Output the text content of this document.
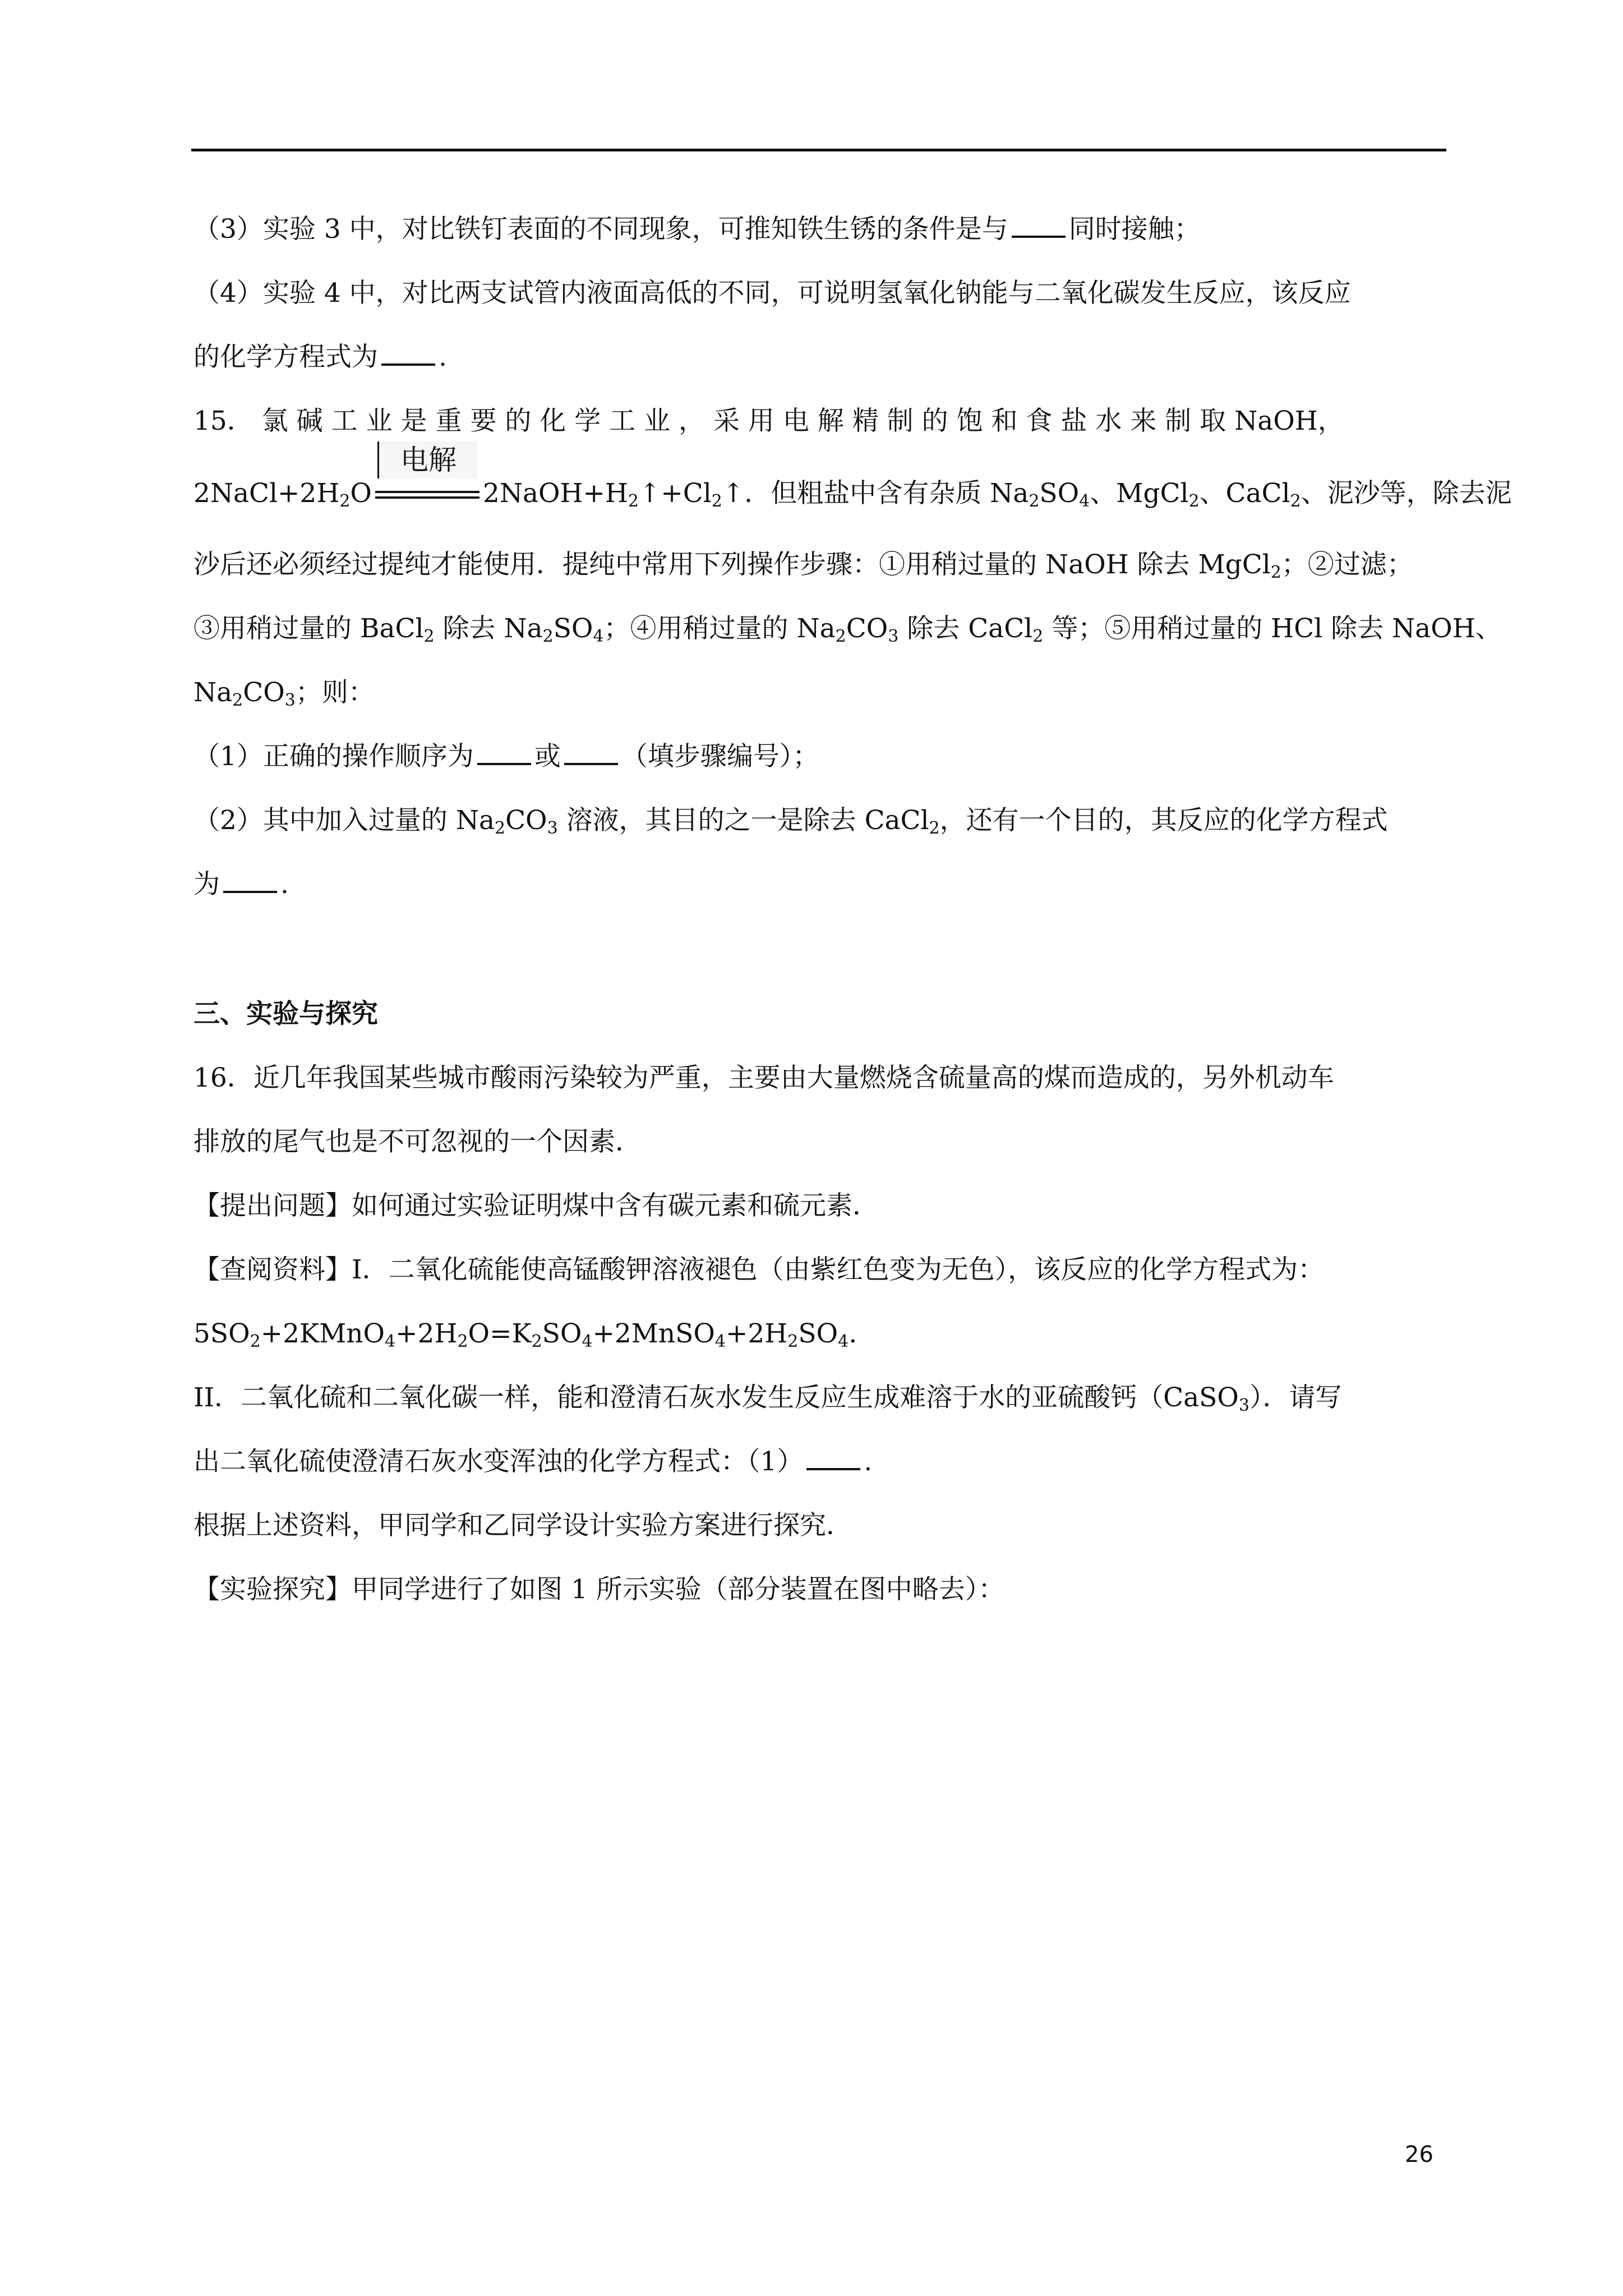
（3）实验 3 中，对比铁钉表面的不同现象，可推知铁生锈的条件是与 同时接触；
（4）实验 4 中，对比两支试管内液面高低的不同，可说明氢氧化钠能与二氧化碳发生反应，该反应
的化学方程式为 .
15． 氯 碱 工 业 是 重 要 的 化 学 工 业 ， 采 用 电 解 精 制 的 饱 和 食 盐 水 来 制 取 NaOH，
$2NaCl+2H_2O$
电解
$2NaOH+H_2↑+Cl_2↑$．但粗盐中含有杂质 $Na_2SO_4$、MgCl$_2$、CaCl$_2$、泥沙等，除去泥
沙后还必须经过提纯才能使用．提纯中常用下列操作步骤：①用稍过量的 NaOH 除去 MgCl$_2$；②过滤；
③用稍过量的 BaCl$_2$ 除去 $Na_2SO_4$；④用稍过量的 $Na_2CO_3$ 除去 CaCl$_2$ 等；⑤用稍过量的 HCl 除去 NaOH、
$Na_2CO_3$；则：
（1）正确的操作顺序为 或 （填步骤编号）；
（2）其中加入过量的 $Na_2CO_3$ 溶液，其目的之一是除去 CaCl$_2$，还有一个目的，其反应的化学方程式
为 .
三、实验与探究
16．近几年我国某些城市酸雨污染较为严重，主要由大量燃烧含硫量高的煤而造成的，另外机动车
排放的尾气也是不可忽视的一个因素．
【提出问题】如何通过实验证明煤中含有碳元素和硫元素．
【查阅资料】I．二氧化硫能使高锰酸钾溶液褪色（由紫红色变为无色），该反应的化学方程式为：
$5SO_2+2KMnO_4+2H_2O=K_2SO_4+2MnSO_4+2H_2SO_4$.
II．二氧化硫和二氧化碳一样，能和澄清石灰水发生反应生成难溶于水的亚硫酸钙（CaSO$_3$）．请写
出二氧化硫使澄清石灰水变浑浊的化学方程式：（1） .
根据上述资料，甲同学和乙同学设计实验方案进行探究．
【实验探究】甲同学进行了如图 1 所示实验（部分装置在图中略去）：
26
